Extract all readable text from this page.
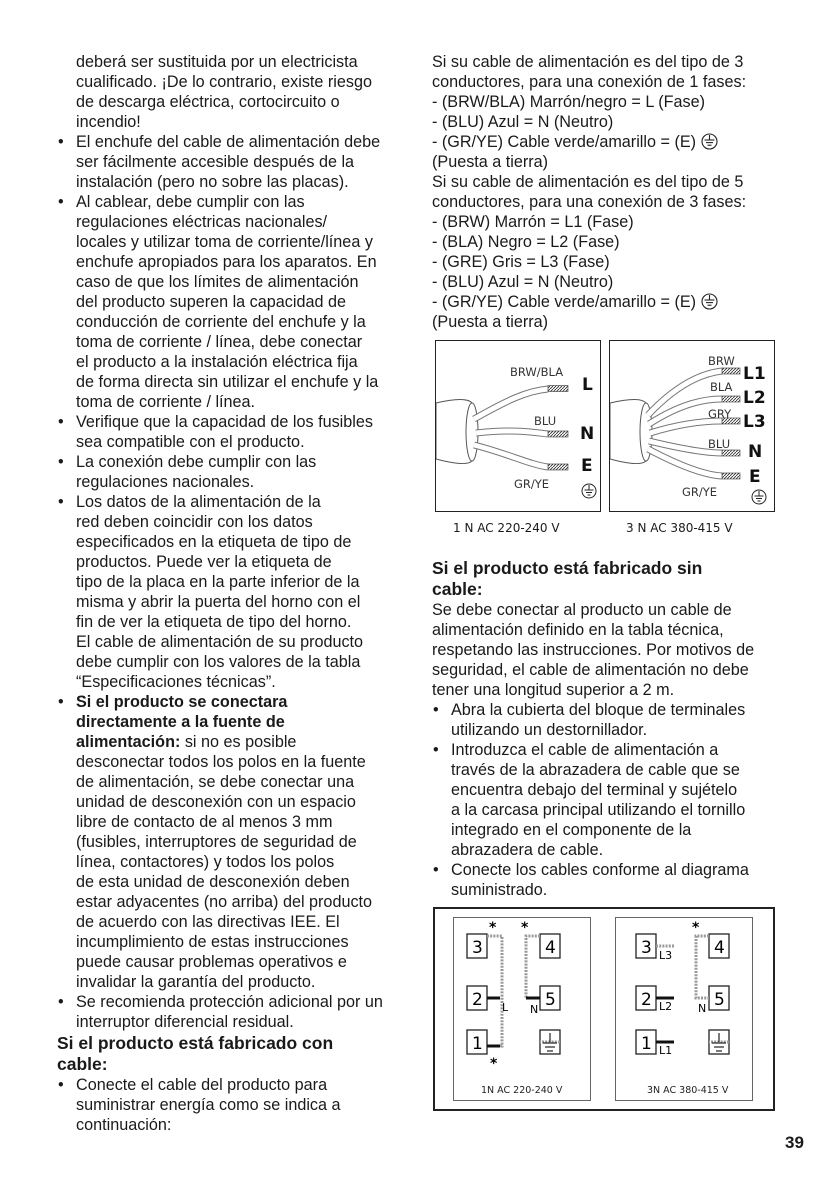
deberá ser sustituida por un electricista
cualificado. ¡De lo contrario, existe riesgo
de descarga eléctrica, cortocircuito o
incendio!
• El enchufe del cable de alimentación debe
ser fácilmente accesible después de la
instalación (pero no sobre las placas).
• Al cablear, debe cumplir con las
regulaciones eléctricas nacionales/
locales y utilizar toma de corriente/línea y
enchufe apropiados para los aparatos. En
caso de que los límites de alimentación
del producto superen la capacidad de
conducción de corriente del enchufe y la
toma de corriente / línea, debe conectar
el producto a la instalación eléctrica fija
de forma directa sin utilizar el enchufe y la
toma de corriente / línea.
• Verifique que la capacidad de los fusibles
sea compatible con el producto.
• La conexión debe cumplir con las
regulaciones nacionales.
• Los datos de la alimentación de la
red deben coincidir con los datos
especificados en la etiqueta de tipo de
productos. Puede ver la etiqueta de
tipo de la placa en la parte inferior de la
misma y abrir la puerta del horno con el
fin de ver la etiqueta de tipo del horno.
El cable de alimentación de su producto
debe cumplir con los valores de la tabla
“Especificaciones técnicas”.
• Si el producto se conectara
directamente a la fuente de
alimentación: si no es posible
desconectar todos los polos en la fuente
de alimentación, se debe conectar una
unidad de desconexión con un espacio
libre de contacto de al menos 3 mm
(fusibles, interruptores de seguridad de
línea, contactores) y todos los polos
de esta unidad de desconexión deben
estar adyacentes (no arriba) del producto
de acuerdo con las directivas IEE. El
incumplimiento de estas instrucciones
puede causar problemas operativos e
invalidar la garantía del producto.
• Se recomienda protección adicional por un
interruptor diferencial residual.
Si el producto está fabricado con
cable:
• Conecte el cable del producto para
suministrar energía como se indica a
continuación:
Si su cable de alimentación es del tipo de 3
conductores, para una conexión de 1 fases:
- (BRW/BLA) Marrón/negro = L (Fase)
- (BLU) Azul = N (Neutro)
- (GR/YE) Cable verde/amarillo = (E)
(Puesta a tierra)
Si su cable de alimentación es del tipo de 5
conductores, para una conexión de 3 fases:
- (BRW) Marrón = L1 (Fase)
- (BLA) Negro = L2 (Fase)
- (GRE) Gris = L3 (Fase)
- (BLU) Azul = N (Neutro)
- (GR/YE) Cable verde/amarillo = (E)
(Puesta a tierra)
Si el producto está fabricado sin
cable:
Se debe conectar al producto un cable de
alimentación definido en la tabla técnica,
respetando las instrucciones. Por motivos de
seguridad, el cable de alimentación no debe
tener una longitud superior a 2 m.
• Abra la cubierta del bloque de terminales
utilizando un destornillador.
• Introduzca el cable de alimentación a
través de la abrazadera de cable que se
encuentra debajo del terminal y sujételo
a la carcasa principal utilizando el tornillo
integrado en el componente de la
abrazadera de cable.
• Conecte los cables conforme al diagrama
suministrado.
BRW/BLA
BLU
GR/YE
L
N
E
BRW
BLA
GRY
BLU
GR/YE
L1
L2
L3
N
E
1 N AC 220-240 V	3 N AC 380-415 V
3	4
2	5
1
L N
* *
*
1N AC 220-240 V
3	4
2	5
1
L3
L2
L1
N
*
3N AC 380-415 V
39
